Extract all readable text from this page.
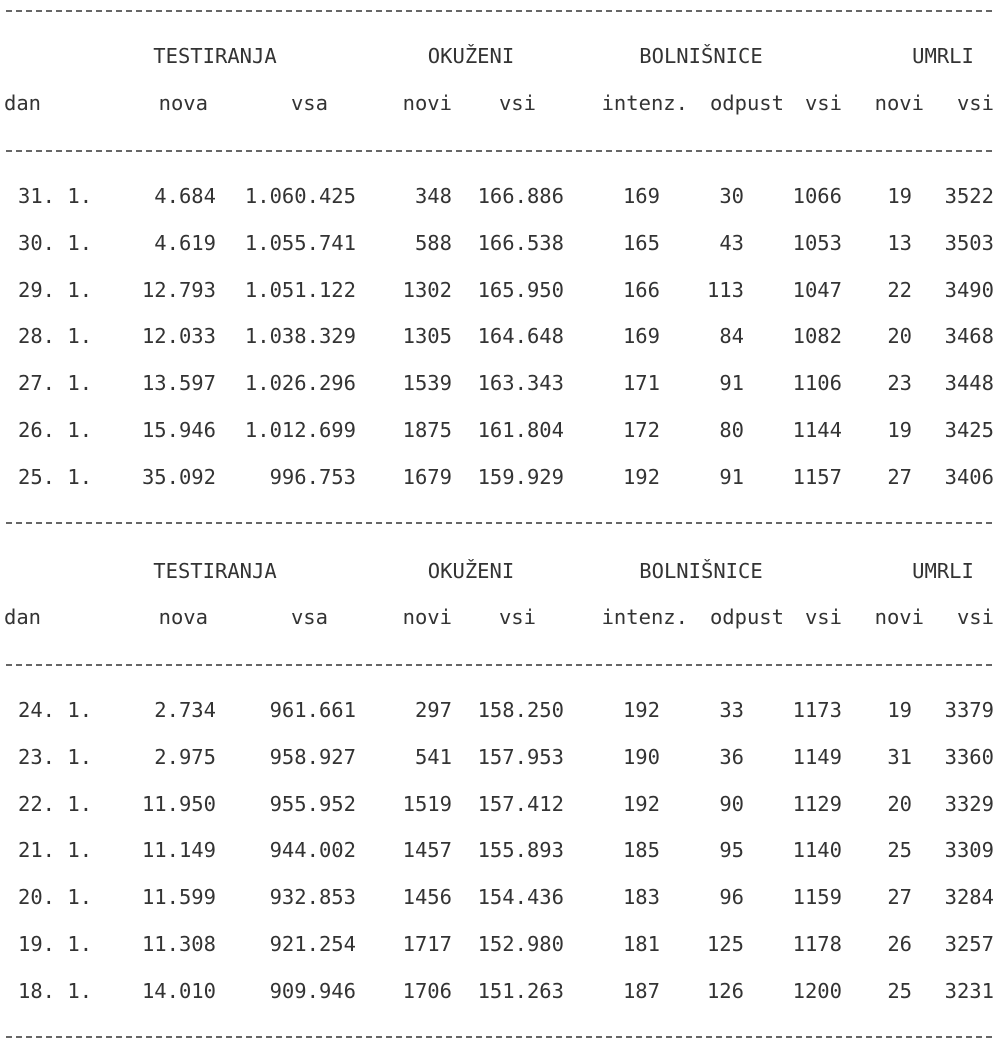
TESTIRANJA	OKUŽENI	BOLNIŠNICE	UMRLI
dan	nova	vsa	novi	vsi	intenz.	odpust	vsi	novi	vsi
31. 1.	4.684	1.060.425	348	166.886	169	30	1066	19	3522
30. 1.	4.619	1.055.741	588	166.538	165	43	1053	13	3503
29. 1.	12.793	1.051.122	1302	165.950	166	113	1047	22	3490
28. 1.	12.033	1.038.329	1305	164.648	169	84	1082	20	3468
27. 1.	13.597	1.026.296	1539	163.343	171	91	1106	23	3448
26. 1.	15.946	1.012.699	1875	161.804	172	80	1144	19	3425
25. 1.	35.092	996.753	1679	159.929	192	91	1157	27	3406
TESTIRANJA	OKUŽENI	BOLNIŠNICE	UMRLI
dan	nova	vsa	novi	vsi	intenz.	odpust	vsi	novi	vsi
24. 1.	2.734	961.661	297	158.250	192	33	1173	19	3379
23. 1.	2.975	958.927	541	157.953	190	36	1149	31	3360
22. 1.	11.950	955.952	1519	157.412	192	90	1129	20	3329
21. 1.	11.149	944.002	1457	155.893	185	95	1140	25	3309
20. 1.	11.599	932.853	1456	154.436	183	96	1159	27	3284
19. 1.	11.308	921.254	1717	152.980	181	125	1178	26	3257
18. 1.	14.010	909.946	1706	151.263	187	126	1200	25	3231
